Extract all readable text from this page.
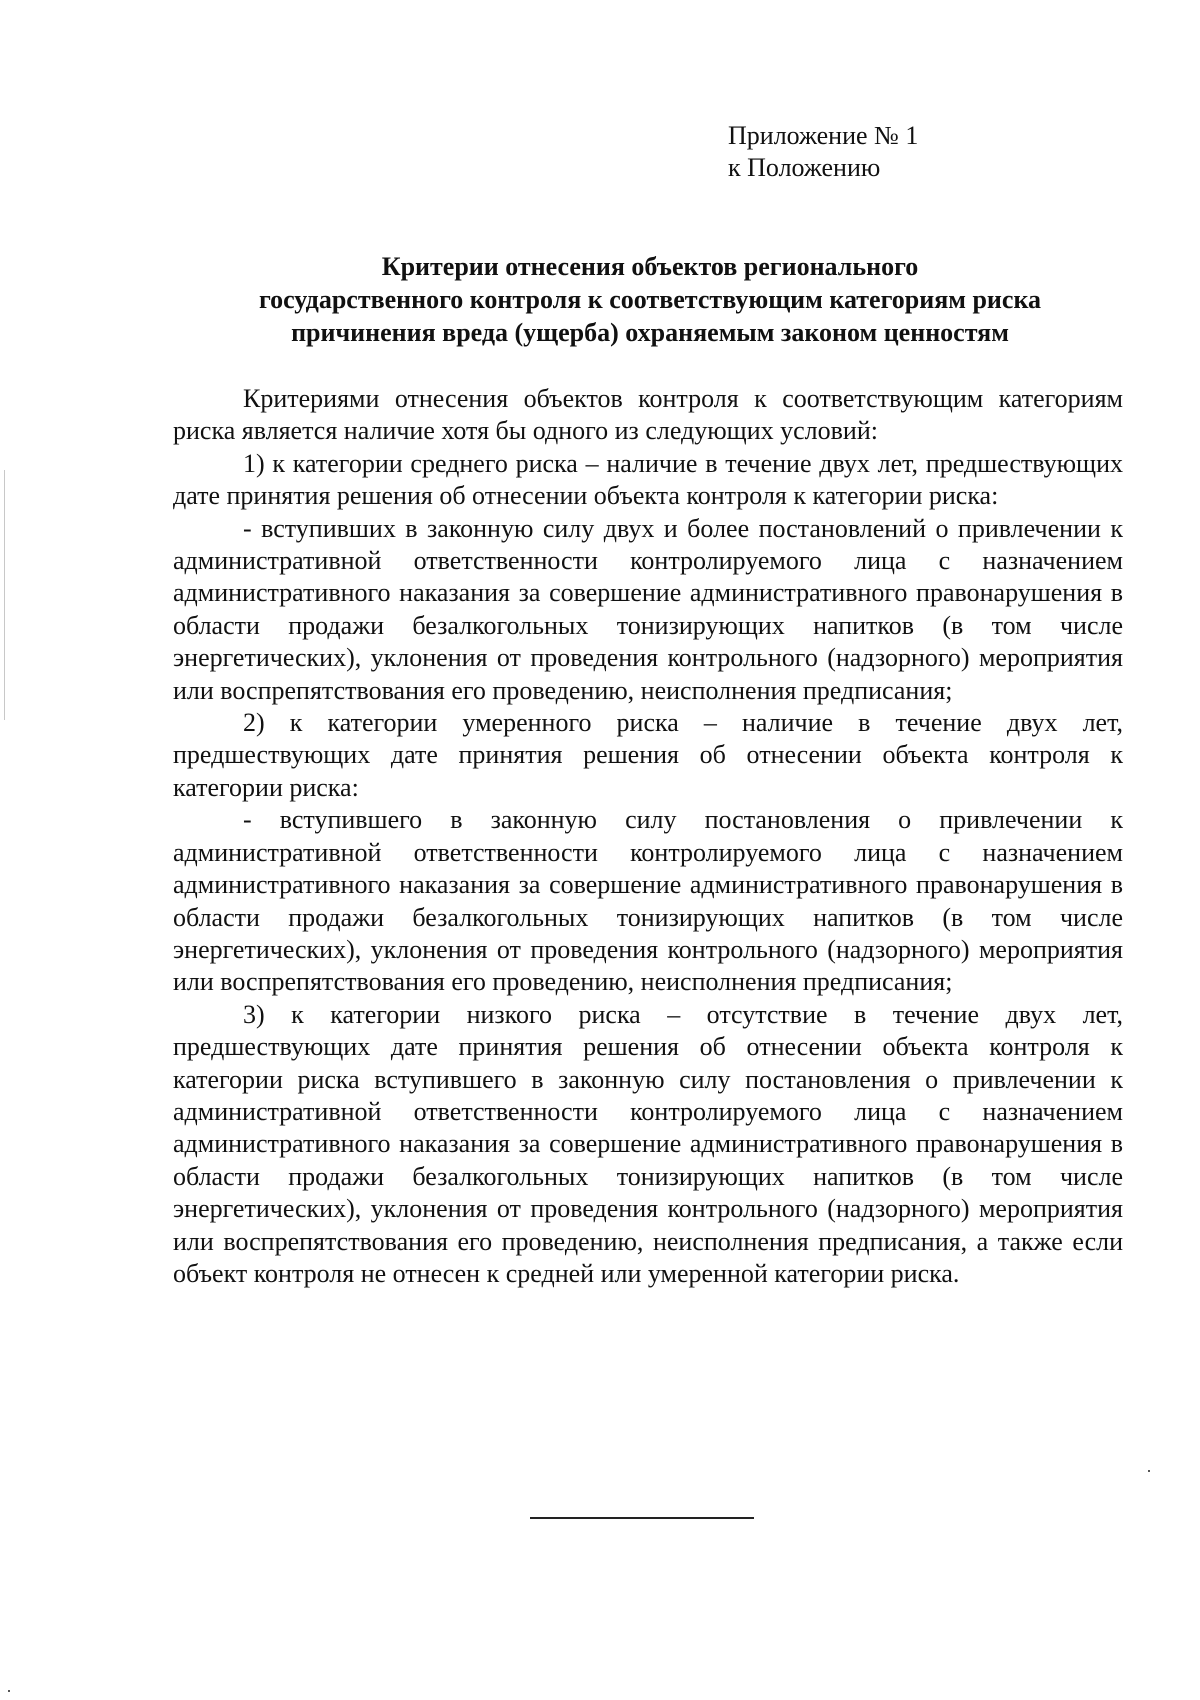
Приложение № 1
к Положению
Критерии отнесения объектов регионального
государственного контроля к соответствующим категориям риска
причинения вреда (ущерба) охраняемым законом ценностям

Критериями отнесения объектов контроля к соответствующим категориям риска является наличие хотя бы одного из следующих условий:

1) к категории среднего риска – наличие в течение двух лет, предшествующих дате принятия решения об отнесении объекта контроля к категории риска:

- вступивших в законную силу двух и более постановлений о привлечении к административной ответственности контролируемого лица с назначением административного наказания за совершение административного правонарушения в области продажи безалкогольных тонизирующих напитков (в том числе энергетических), уклонения от проведения контрольного (надзорного) мероприятия или воспрепятствования его проведению, неисполнения предписания;

2) к категории умеренного риска – наличие в течение двух лет, предшествующих дате принятия решения об отнесении объекта контроля к категории риска:

- вступившего в законную силу постановления о привлечении к административной ответственности контролируемого лица с назначением административного наказания за совершение административного правонарушения в области продажи безалкогольных тонизирующих напитков (в том числе энергетических), уклонения от проведения контрольного (надзорного) мероприятия или воспрепятствования его проведению, неисполнения предписания;

3) к категории низкого риска – отсутствие в течение двух лет, предшествующих дате принятия решения об отнесении объекта контроля к категории риска вступившего в законную силу постановления о привлечении к административной ответственности контролируемого лица с назначением административного наказания за совершение административного правонарушения в области продажи безалкогольных тонизирующих напитков (в том числе энергетических), уклонения от проведения контрольного (надзорного) мероприятия или воспрепятствования его проведению, неисполнения предписания, а также если объект контроля не отнесен к средней или умеренной категории риска.
